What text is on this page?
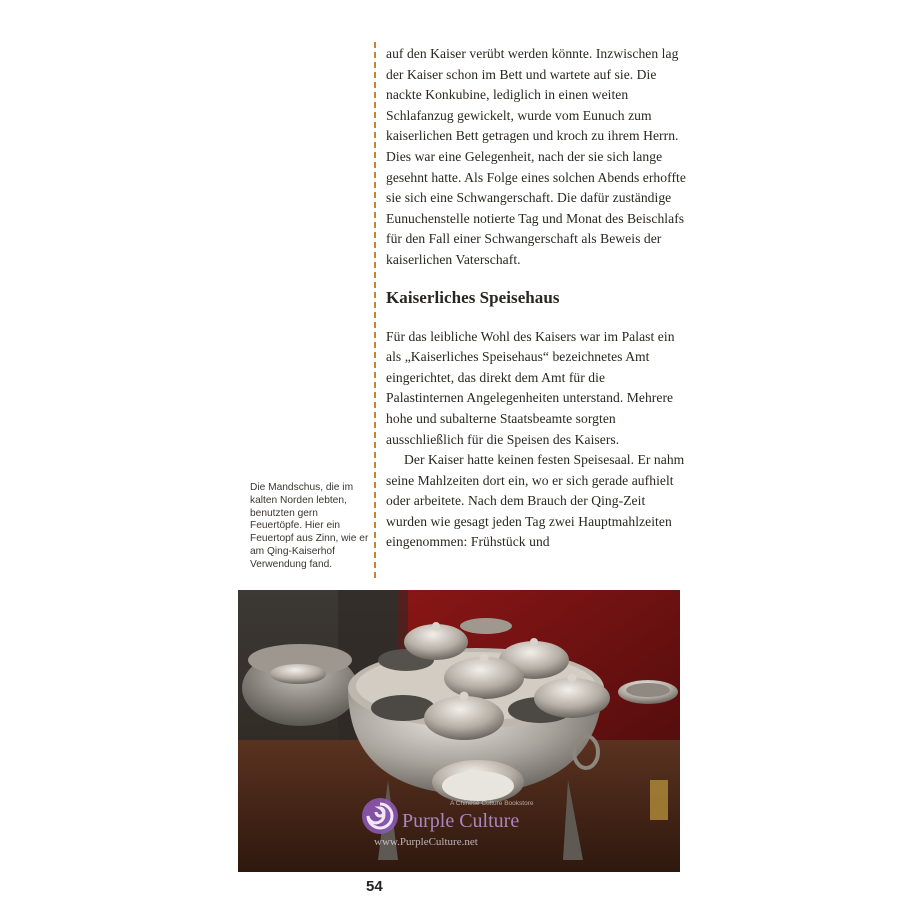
auf den Kaiser verübt werden könnte. Inzwischen lag der Kaiser schon im Bett und wartete auf sie. Die nackte Konkubine, lediglich in einen weiten Schlafanzug gewickelt, wurde vom Eunuch zum kaiserlichen Bett getragen und kroch zu ihrem Herrn. Dies war eine Gelegenheit, nach der sie sich lange gesehnt hatte. Als Folge eines solchen Abends erhoffte sie sich eine Schwangerschaft. Die dafür zuständige Eunuchenstelle notierte Tag und Monat des Beischlafs für den Fall einer Schwangerschaft als Beweis der kaiserlichen Vaterschaft.

Kaiserliches Speisehaus

Für das leibliche Wohl des Kaisers war im Palast ein als „Kaiserliches Speisehaus“ bezeichnetes Amt eingerichtet, das direkt dem Amt für die Palastinternen Angelegenheiten unterstand. Mehrere hohe und subalterne Staatsbeamte sorgten ausschließlich für die Speisen des Kaisers.

Der Kaiser hatte keinen festen Speisesaal. Er nahm seine Mahlzeiten dort ein, wo er sich gerade aufhielt oder arbeitete. Nach dem Brauch der Qing-Zeit wurden wie gesagt jeden Tag zwei Hauptmahlzeiten eingenommen: Frühstück und

Die Mandschus, die im kalten Norden lebten, benutzten gern Feuertöpfe. Hier ein Feuertopf aus Zinn, wie er am Qing-Kaiserhof Verwendung fand.
A Chinese Culture Bookstore
Purple Culture
www.PurpleCulture.net
54
